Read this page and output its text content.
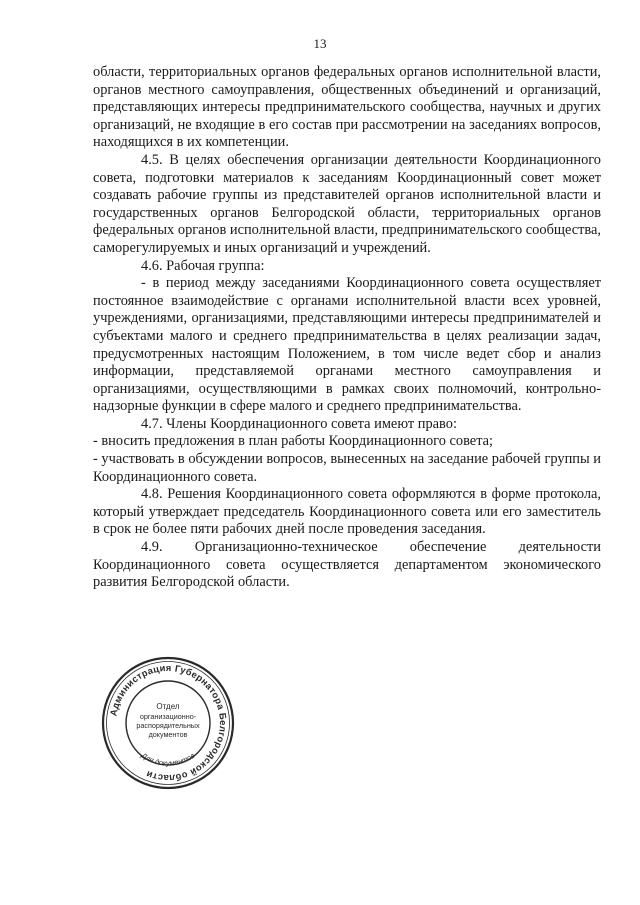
13

области, территориальных органов федеральных органов исполнительной власти, органов местного самоуправления, общественных объединений и организаций, представляющих интересы предпринимательского сообщества, научных и других организаций, не входящие в его состав при рассмотрении на заседаниях вопросов, находящихся в их компетенции.

4.5. В целях обеспечения организации деятельности Координационного совета, подготовки материалов к заседаниям Координационный совет может создавать рабочие группы из представителей органов исполнительной власти и государственных органов Белгородской области, территориальных органов федеральных органов исполнительной власти, предпринимательского сообщества, саморегулируемых и иных организаций и учреждений.

4.6. Рабочая группа:

- в период между заседаниями Координационного совета осуществляет постоянное взаимодействие с органами исполнительной власти всех уровней, учреждениями, организациями, представляющими интересы предпринимателей и субъектами малого и среднего предпринимательства в целях реализации задач, предусмотренных настоящим Положением, в том числе ведет сбор и анализ информации, представляемой органами местного самоуправления и организациями, осуществляющими в рамках своих полномочий, контрольно-надзорные функции в сфере малого и среднего предпринимательства.

4.7. Члены Координационного совета имеют право:

- вносить предложения в план работы Координационного совета;

- участвовать в обсуждении вопросов, вынесенных на заседание рабочей группы и Координационного совета.

4.8. Решения Координационного совета оформляются в форме протокола, который утверждает председатель Координационного совета или его заместитель в срок не более пяти рабочих дней после проведения заседания.

4.9. Организационно-техническое обеспечение деятельности Координационного совета осуществляется департаментом экономического развития Белгородской области.

Администрация Губернатора Белгородской области
Для документов
Отдел
организационно-
распорядительных
документов
